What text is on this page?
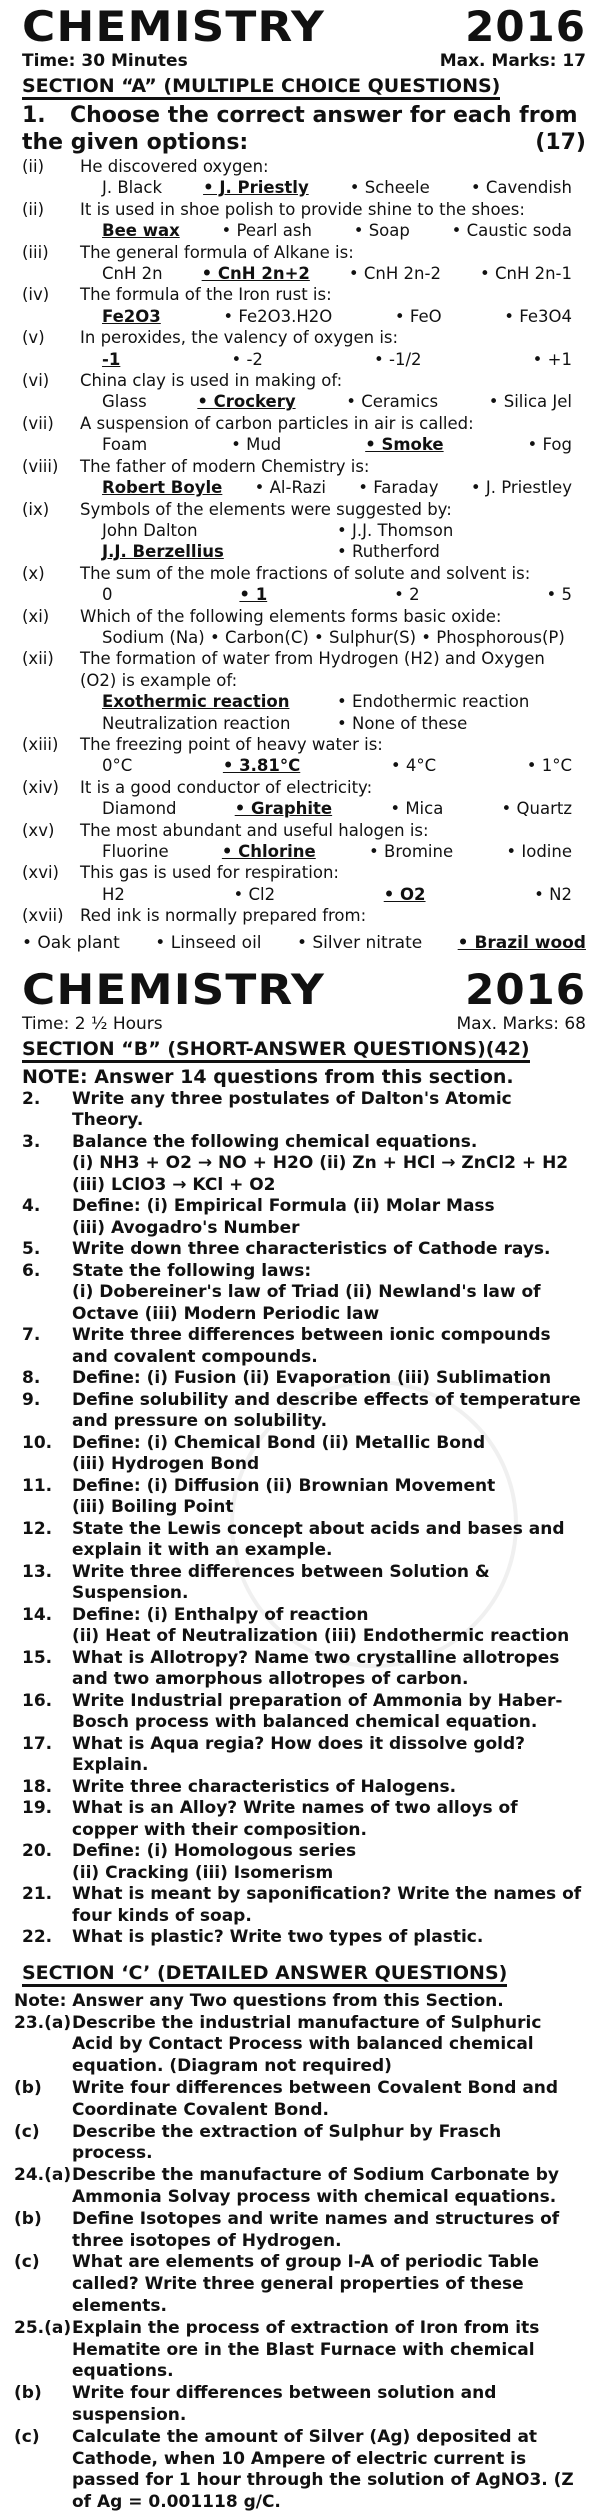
CHEMISTRY	2016
Time: 30 Minutes	Max. Marks: 17
SECTION “A” (MULTIPLE CHOICE QUESTIONS)
1. Choose the correct answer for each from
the given options:	(17)
(ii)	He discovered oxygen:
J. Black • J. Priestly • Scheele • Cavendish
(ii)	It is used in shoe polish to provide shine to the shoes:
Bee wax	• Pearl ash	• Soap	• Caustic soda
(iii)	The general formula of Alkane is:
CnH 2n • CnH 2n+2 • CnH 2n-2 • CnH 2n-1
(iv)	The formula of the Iron rust is:
Fe2O3	• Fe2O3.H2O	• FeO	• Fe3O4
(v)	In peroxides, the valency of oxygen is:
-1	• -2	• -1/2	• +1
(vi)	China clay is used in making of:
Glass	• Crockery	• Ceramics	• Silica Jel
(vii)	A suspension of carbon particles in air is called:
Foam	• Mud	• Smoke	• Fog
(viii)	The father of modern Chemistry is:
Robert Boyle • Al-Razi • Faraday • J. Priestley
(ix)	Symbols of the elements were suggested by:
John Dalton	• J.J. Thomson
J.J. Berzellius	• Rutherford
(x)	The sum of the mole fractions of solute and solvent is:
0	• 1	• 2	• 5
(xi)	Which of the following elements forms basic oxide:
Sodium (Na) • Carbon(C) • Sulphur(S) • Phosphorous(P)
(xii)	The formation of water from Hydrogen (H2) and Oxygen
(O2) is example of:
Exothermic reaction	• Endothermic reaction
Neutralization reaction	• None of these
(xiii)	The freezing point of heavy water is:
0°C	• 3.81°C	• 4°C	• 1°C
(xiv)	It is a good conductor of electricity:
Diamond	• Graphite	• Mica	• Quartz
(xv)	The most abundant and useful halogen is:
Fluorine	• Chlorine	• Bromine	• Iodine
(xvi)	This gas is used for respiration:
H2	• Cl2	• O2	• N2
(xvii) Red ink is normally prepared from:
• Oak plant • Linseed oil • Silver nitrate • Brazil wood
CHEMISTRY	2016
Time: 2 ½ Hours	Max. Marks: 68
SECTION “B” (SHORT-ANSWER QUESTIONS)(42)
NOTE: Answer 14 questions from this section.
2.	Write any three postulates of Dalton's Atomic Theory.
3.	Balance the following chemical equations.
(i) NH3 + O2 → NO + H2O (ii) Zn + HCl → ZnCl2 + H2
(iii) LClO3 → KCl + O2
4.	Define: (i) Empirical Formula (ii) Molar Mass
(iii) Avogadro's Number
5.	Write down three characteristics of Cathode rays.
6.	State the following laws:
(i) Dobereiner's law of Triad (ii) Newland's law of
Octave (iii) Modern Periodic law
7.	Write three differences between ionic compounds and covalent compounds.
8.	Define: (i) Fusion (ii) Evaporation (iii) Sublimation
9.	Define solubility and describe effects of temperature and pressure on solubility.
10.	Define: (i) Chemical Bond (ii) Metallic Bond
(iii) Hydrogen Bond
11.	Define: (i) Diffusion (ii) Brownian Movement
(iii) Boiling Point
12.	State the Lewis concept about acids and bases and explain it with an example.
13.	Write three differences between Solution & Suspension.
14.	Define: (i) Enthalpy of reaction
(ii) Heat of Neutralization (iii) Endothermic reaction
15.	What is Allotropy? Name two crystalline allotropes and two amorphous allotropes of carbon.
16.	Write Industrial preparation of Ammonia by Haber-Bosch process with balanced chemical equation.
17.	What is Aqua regia? How does it dissolve gold? Explain.
18.	Write three characteristics of Halogens.
19.	What is an Alloy? Write names of two alloys of copper with their composition.
20.	Define: (i) Homologous series
(ii) Cracking (iii) Isomerism
21.	What is meant by saponification? Write the names of four kinds of soap.
22.	What is plastic? Write two types of plastic.
SECTION ‘C’ (DETAILED ANSWER QUESTIONS)
Note: Answer any Two questions from this Section.
23.(a) Describe the industrial manufacture of Sulphuric Acid by Contact Process with balanced chemical equation. (Diagram not required)
(b)	Write four differences between Covalent Bond and Coordinate Covalent Bond.
(c)	Describe the extraction of Sulphur by Frasch process.
24.(a) Describe the manufacture of Sodium Carbonate by Ammonia Solvay process with chemical equations.
(b)	Define Isotopes and write names and structures of three isotopes of Hydrogen.
(c)	What are elements of group I-A of periodic Table called? Write three general properties of these elements.
25.(a) Explain the process of extraction of Iron from its Hematite ore in the Blast Furnace with chemical equations.
(b)	Write four differences between solution and suspension.
(c)	Calculate the amount of Silver (Ag) deposited at Cathode, when 10 Ampere of electric current is passed for 1 hour through the solution of AgNO3. (Z of Ag = 0.001118 g/C.
